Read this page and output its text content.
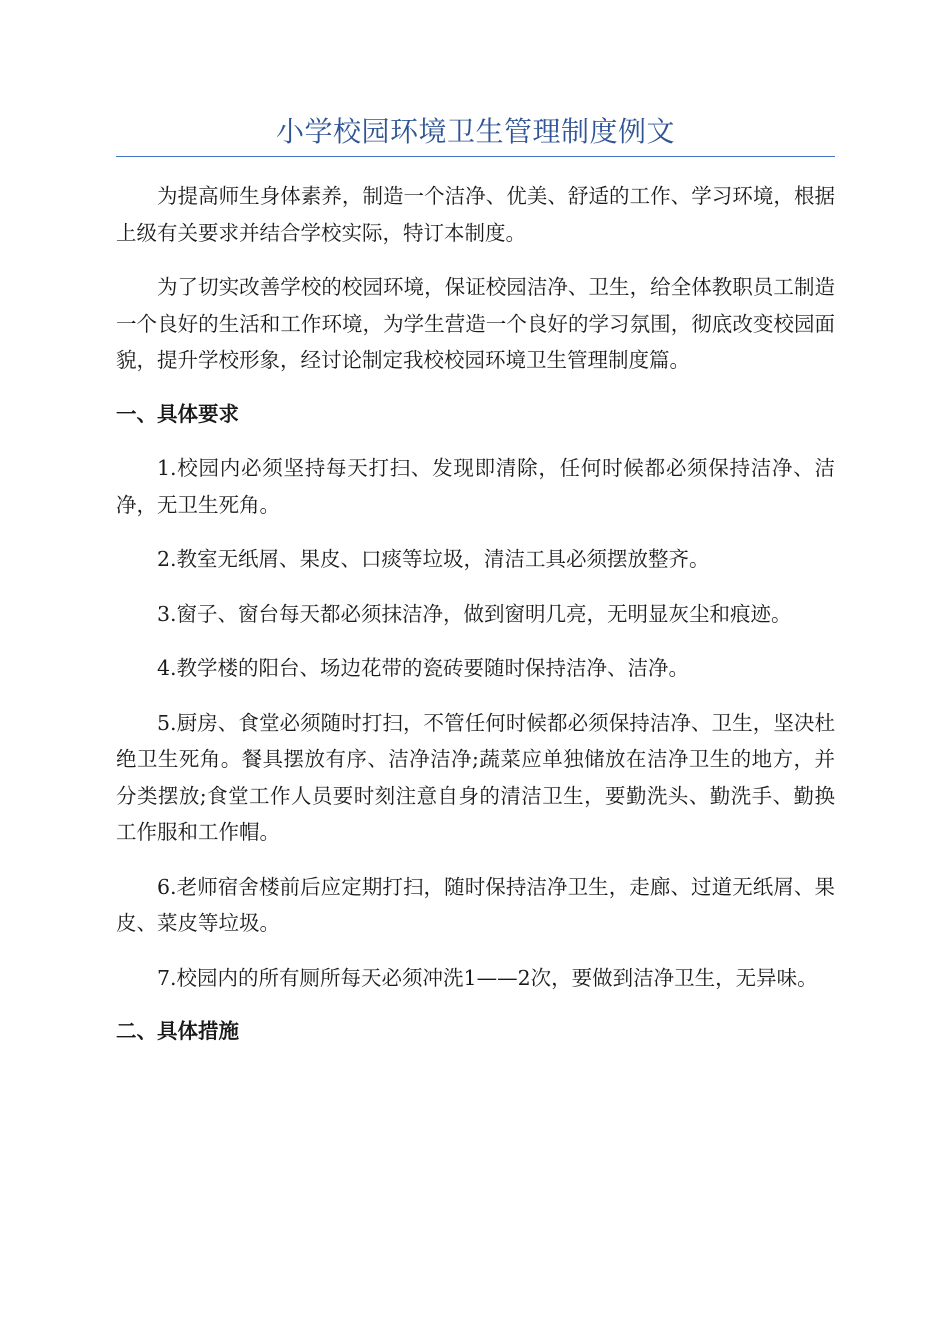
小学校园环境卫生管理制度例文

为提高师生身体素养，制造一个洁净、优美、舒适的工作、学习环境，根据上级有关要求并结合学校实际，特订本制度。

为了切实改善学校的校园环境，保证校园洁净、卫生，给全体教职员工制造一个良好的生活和工作环境，为学生营造一个良好的学习氛围，彻底改变校园面貌，提升学校形象，经讨论制定我校校园环境卫生管理制度篇。

一、具体要求

1.校园内必须坚持每天打扫、发现即清除，任何时候都必须保持洁净、洁净，无卫生死角。

2.教室无纸屑、果皮、口痰等垃圾，清洁工具必须摆放整齐。

3.窗子、窗台每天都必须抹洁净，做到窗明几亮，无明显灰尘和痕迹。

4.教学楼的阳台、场边花带的瓷砖要随时保持洁净、洁净。

5.厨房、食堂必须随时打扫，不管任何时候都必须保持洁净、卫生，坚决杜绝卫生死角。餐具摆放有序、洁净洁净;蔬菜应单独储放在洁净卫生的地方，并分类摆放;食堂工作人员要时刻注意自身的清洁卫生，要勤洗头、勤洗手、勤换工作服和工作帽。

6.老师宿舍楼前后应定期打扫，随时保持洁净卫生，走廊、过道无纸屑、果皮、菜皮等垃圾。

7.校园内的所有厕所每天必须冲洗1——2次，要做到洁净卫生，无异味。

二、具体措施
